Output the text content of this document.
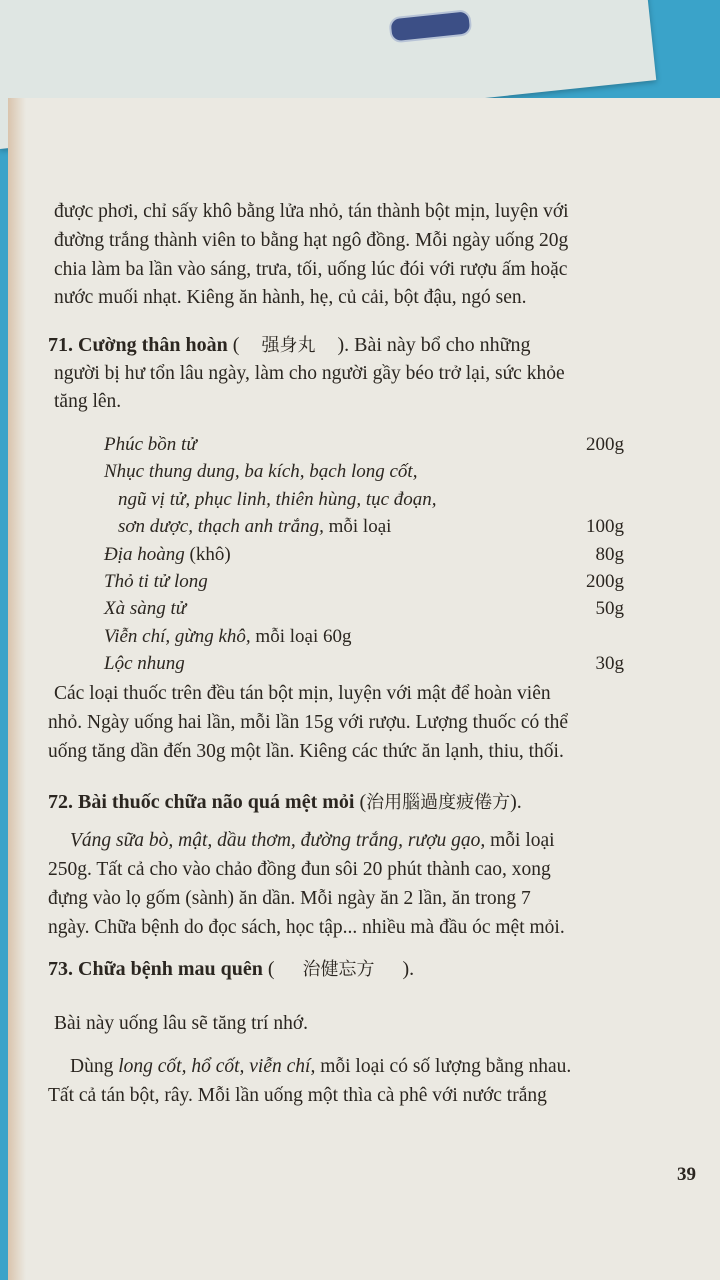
được phơi, chỉ sấy khô bằng lửa nhỏ, tán thành bột mịn, luyện với
đường trắng thành viên to bằng hạt ngô đồng. Mỗi ngày uống 20g
chia làm ba lần vào sáng, trưa, tối, uống lúc đói với rượu ấm hoặc
nước muối nhạt. Kiêng ăn hành, hẹ, củ cải, bột đậu, ngó sen.
71. Cường thân hoàn ( 强身丸 ). Bài này bổ cho những
người bị hư tổn lâu ngày, làm cho người gầy béo trở lại, sức khỏe
tăng lên.
Phúc bồn tử	200g
Nhục thung dung, ba kích, bạch long cốt,
ngũ vị tử, phục linh, thiên hùng, tục đoạn,
sơn dược, thạch anh trắng, mỗi loại	100g
Địa hoàng (khô)	80g
Thỏ ti tử long	200g
Xà sàng tử	50g
Viễn chí, gừng khô, mỗi loại 60g
Lộc nhung	30g
Các loại thuốc trên đều tán bột mịn, luyện với mật để hoàn viên
nhỏ. Ngày uống hai lần, mỗi lần 15g với rượu. Lượng thuốc có thể
uống tăng dần đến 30g một lần. Kiêng các thức ăn lạnh, thiu, thối.
72. Bài thuốc chữa não quá mệt mỏi (治用腦過度疲倦方).
Váng sữa bò, mật, dầu thơm, đường trắng, rượu gạo, mỗi loại
250g. Tất cả cho vào chảo đồng đun sôi 20 phút thành cao, xong
đựng vào lọ gốm (sành) ăn dần. Mỗi ngày ăn 2 lần, ăn trong 7
ngày. Chữa bệnh do đọc sách, học tập... nhiều mà đầu óc mệt mỏi.
73. Chữa bệnh mau quên ( 治健忘方 ).
Bài này uống lâu sẽ tăng trí nhớ.
Dùng long cốt, hổ cốt, viễn chí, mỗi loại có số lượng bằng nhau.
Tất cả tán bột, rây. Mỗi lần uống một thìa cà phê với nước trắng
39
